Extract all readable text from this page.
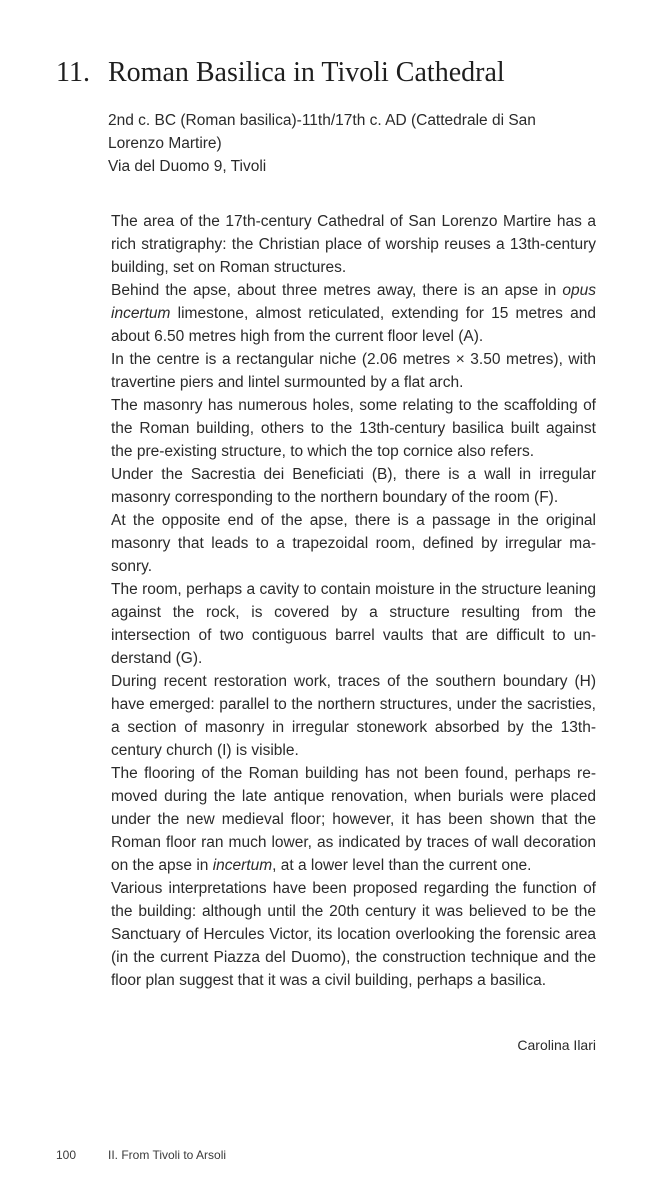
11. Roman Basilica in Tivoli Cathedral
2nd c. BC (Roman basilica)-11th/17th c. AD (Cattedrale di San
Lorenzo Martire)
Via del Duomo 9, Tivoli

The area of the 17th-century Cathedral of San Lorenzo Martire has a rich stratigraphy: the Christian place of worship reuses a 13th-century building, set on Roman structures.

Behind the apse, about three metres away, there is an apse in opus incertum limestone, almost reticulated, extending for 15 metres and about 6.50 metres high from the current floor level (A).

In the centre is a rectangular niche (2.06 metres × 3.50 metres), with travertine piers and lintel surmounted by a flat arch.

The masonry has numerous holes, some relating to the scaffolding of the Roman building, others to the 13th-century basilica built against the pre-existing structure, to which the top cornice also refers.

Under the Sacrestia dei Beneficiati (B), there is a wall in irregular masonry corresponding to the northern boundary of the room (F).

At the opposite end of the apse, there is a passage in the original masonry that leads to a trapezoidal room, defined by irregular masonry.

The room, perhaps a cavity to contain moisture in the structure leaning against the rock, is covered by a structure resulting from the intersection of two contiguous barrel vaults that are difficult to understand (G).

During recent restoration work, traces of the southern boundary (H) have emerged: parallel to the northern structures, under the sacristies, a section of masonry in irregular stonework absorbed by the 13th-century church (I) is visible.

The flooring of the Roman building has not been found, perhaps removed during the late antique renovation, when burials were placed under the new medieval floor; however, it has been shown that the Roman floor ran much lower, as indicated by traces of wall decoration on the apse in incertum, at a lower level than the current one.

Various interpretations have been proposed regarding the function of the building: although until the 20th century it was believed to be the Sanctuary of Hercules Victor, its location overlooking the forensic area (in the current Piazza del Duomo), the construction technique and the floor plan suggest that it was a civil building, perhaps a basilica.

Carolina Ilari
100	II. From Tivoli to Arsoli
